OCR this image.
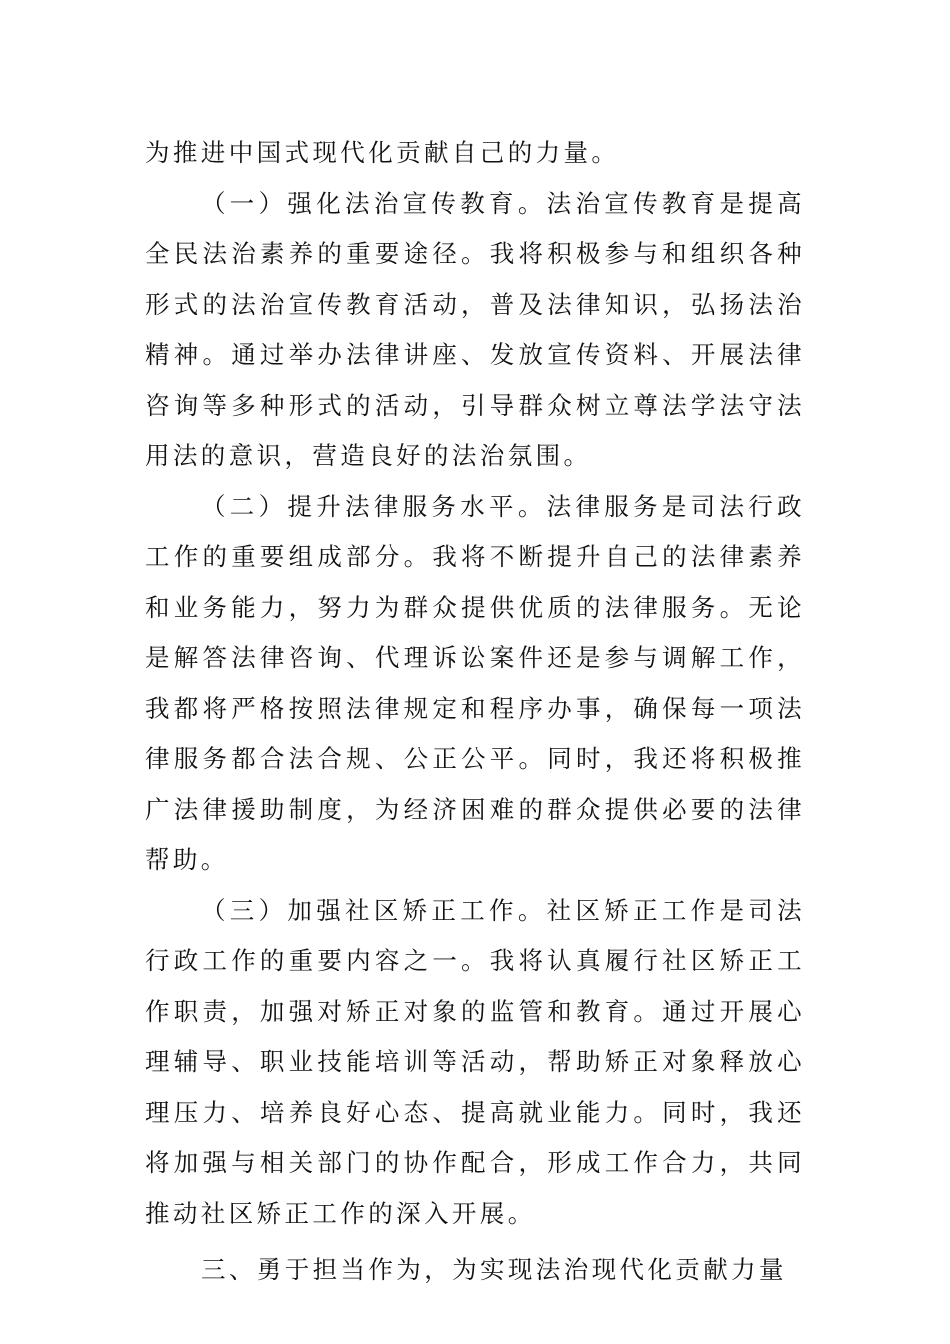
为推进中国式现代化贡献自己的力量。

（一）强化法治宣传教育。法治宣传教育是提高全民法治素养的重要途径。我将积极参与和组织各种形式的法治宣传教育活动，普及法律知识，弘扬法治精神。通过举办法律讲座、发放宣传资料、开展法律咨询等多种形式的活动，引导群众树立尊法学法守法用法的意识，营造良好的法治氛围。

（二）提升法律服务水平。法律服务是司法行政工作的重要组成部分。我将不断提升自己的法律素养和业务能力，努力为群众提供优质的法律服务。无论是解答法律咨询、代理诉讼案件还是参与调解工作，我都将严格按照法律规定和程序办事，确保每一项法律服务都合法合规、公正公平。同时，我还将积极推广法律援助制度，为经济困难的群众提供必要的法律帮助。

（三）加强社区矫正工作。社区矫正工作是司法行政工作的重要内容之一。我将认真履行社区矫正工作职责，加强对矫正对象的监管和教育。通过开展心理辅导、职业技能培训等活动，帮助矫正对象释放心理压力、培养良好心态、提高就业能力。同时，我还将加强与相关部门的协作配合，形成工作合力，共同推动社区矫正工作的深入开展。

三、勇于担当作为，为实现法治现代化贡献力量
